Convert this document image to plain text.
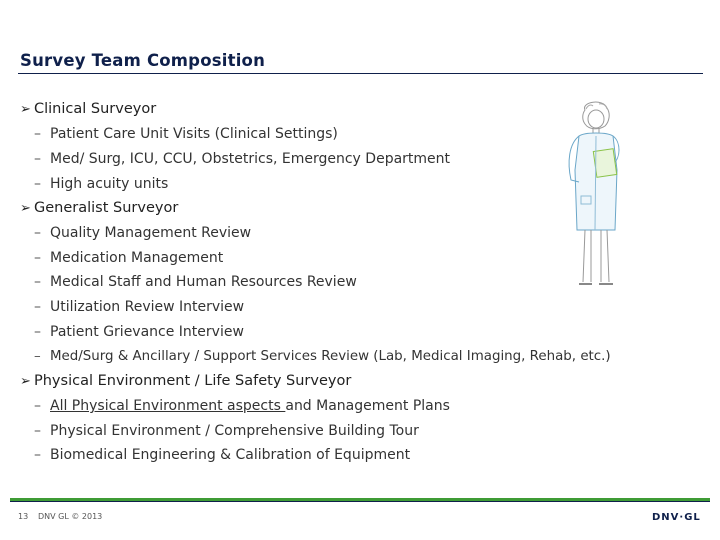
Survey Team Composition
➢ Clinical Surveyor
– Patient Care Unit Visits (Clinical Settings)
– Med/ Surg, ICU, CCU, Obstetrics, Emergency Department
– High acuity units
➢ Generalist Surveyor
– Quality Management Review
– Medication Management
– Medical Staff and Human Resources Review
– Utilization Review Interview
– Patient Grievance Interview
– Med/Surg & Ancillary / Support Services Review (Lab, Medical Imaging, Rehab, etc.)
➢ Physical Environment / Life Safety Surveyor
– All Physical Environment aspects and Management Plans
– Physical Environment / Comprehensive Building Tour
– Biomedical Engineering & Calibration of Equipment
13 DNV GL © 2013	DNV·GL
